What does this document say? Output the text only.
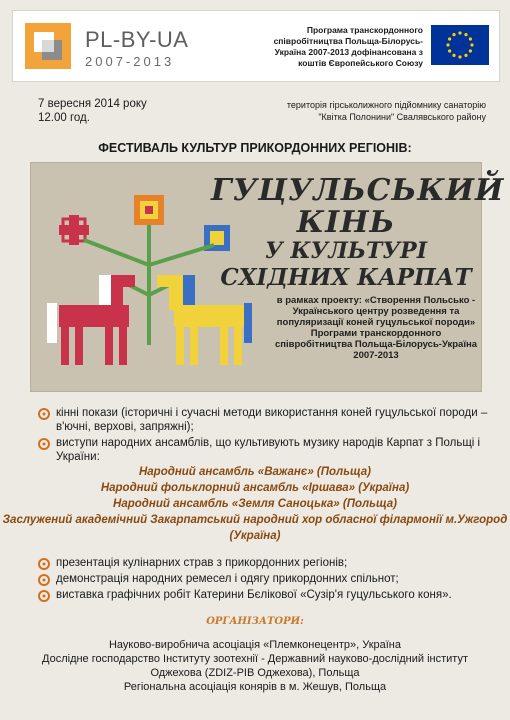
PL-BY-UA
2007-2013
Програма транскордонного співробітництва Польща-Білорусь-Україна 2007-2013 дофінансована з коштів Європейського Союзу
7 вересня 2014 року
12.00 год.
територія гірськолижного підйомнику санаторію "Квітка Полонини" Свалявського району
ФЕСТИВАЛЬ КУЛЬТУР ПРИКОРДОННИХ РЕГІОНІВ:
ГУЦУЛЬСЬКИЙ КІНЬ
У КУЛЬТУРІ
СХІДНИХ КАРПАТ
в рамках проекту: «Створення Польсько - Українського центру розведення та популяризації коней гуцульської породи» Програми транскордонного співробітництва Польща-Білорусь-Україна 2007-2013
кінні покази (історичні і сучасні методи використання коней гуцульської породи – в'ючні, верхові, запряжні);
виступи народних ансамблів, що культивують музику народів Карпат з Польщі і України:
Народний ансамбль «Важанє» (Польща)
Народний фольклорний ансамбль «Іршава» (Україна)
Народний ансамбль «Земля Саноцька» (Польща)
Заслужений академічний Закарпатський народний хор обласної філармонії м.Ужгород (Україна)
презентація кулінарних страв з прикордонних регіонів;
демонстрація народних ремесел і одягу прикордонних спільнот;
виставка графічних робіт Катерини Бєлікової «Сузір'я гуцульського коня».
ОРГАНІЗАТОРИ:
Науково-виробнича асоціація «Племконецентр», Україна
Дослідне господарство Інституту зоотехнії - Державний науково-дослідний інститут Оджехова (ZDIZ-PIB Оджехова), Польща
Регіональна асоціація конярів в м. Жешув, Польща
